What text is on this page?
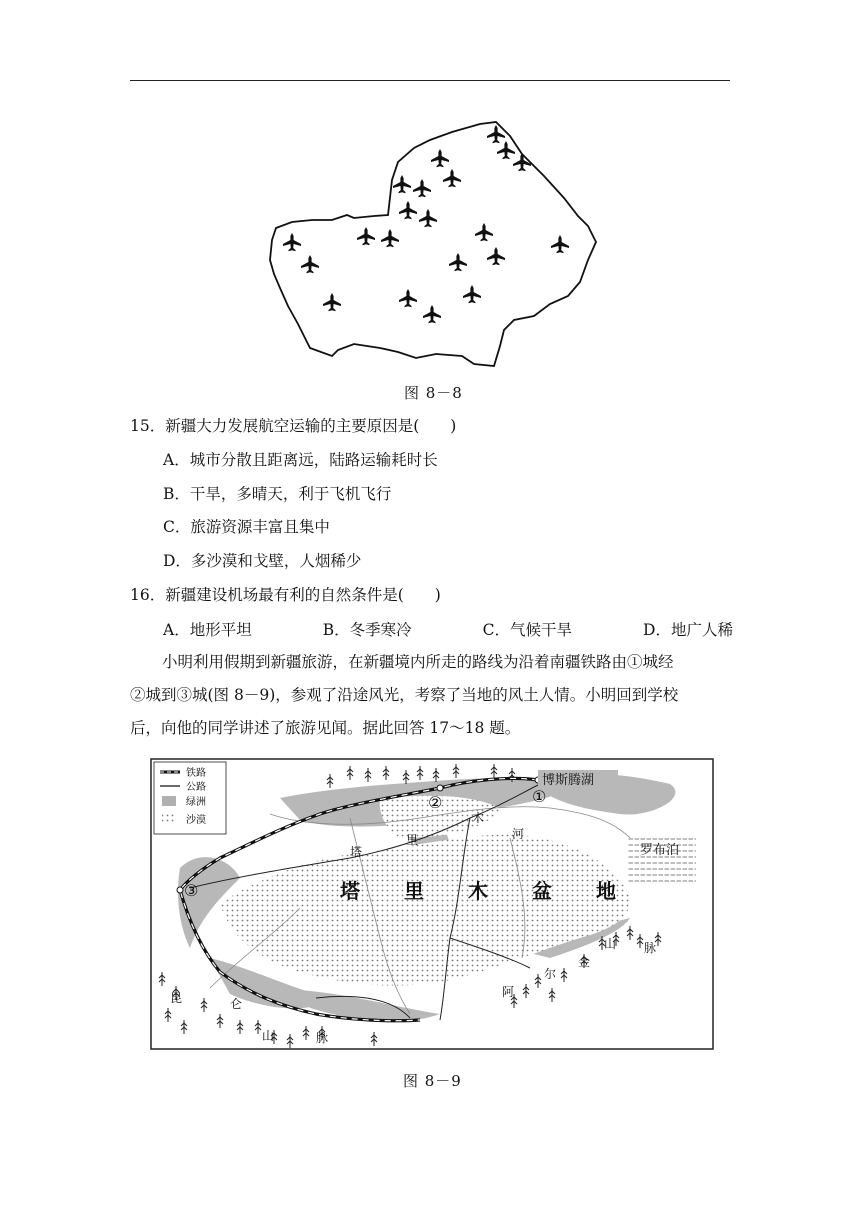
图 8－8
15．新疆大力发展航空运输的主要原因是(　　)
A．城市分散且距离远，陆路运输耗时长
B．干旱，多晴天，利于飞机飞行
C．旅游资源丰富且集中
D．多沙漠和戈壁，人烟稀少
16．新疆建设机场最有利的自然条件是(　　)
A．地形平坦	B．冬季寒冷	C．气候干旱	D．地广人稀
小明利用假期到新疆旅游，在新疆境内所走的路线为沿着南疆铁路由①城经
②城到③城(图 8－9)，参观了沿途风光，考察了当地的风土人情。小明回到学校
后，向他的同学讲述了旅游见闻。据此回答 17～18 题。
铁路
公路
绿洲
沙漠
博斯腾湖
①
②
③
罗布泊
塔 里 木 盆 地
塔
里
木
河
昆	仑
山	脉
阿
尔
金
山 脉
图 8－9
